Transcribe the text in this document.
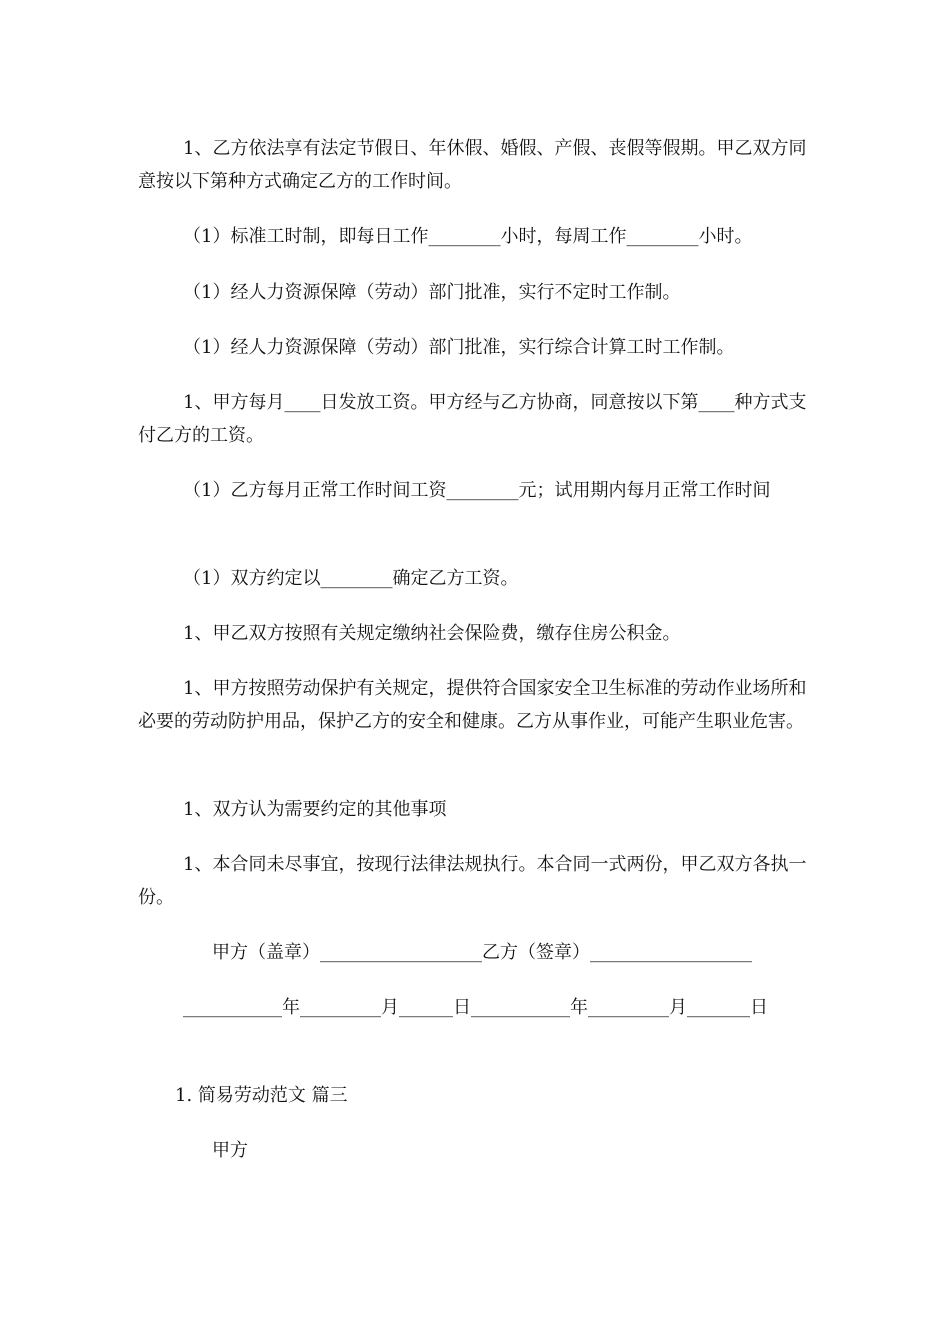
1、乙方依法享有法定节假日、年休假、婚假、产假、丧假等假期。甲乙双方同意按以下第种方式确定乙方的工作时间。

（1）标准工时制，即每日工作________小时，每周工作________小时。

（1）经人力资源保障（劳动）部门批准，实行不定时工作制。

（1）经人力资源保障（劳动）部门批准，实行综合计算工时工作制。

1、甲方每月____日发放工资。甲方经与乙方协商，同意按以下第____种方式支付乙方的工资。

（1）乙方每月正常工作时间工资________元；试用期内每月正常工作时间

（1）双方约定以________确定乙方工资。

1、甲乙双方按照有关规定缴纳社会保险费，缴存住房公积金。

1、甲方按照劳动保护有关规定，提供符合国家安全卫生标准的劳动作业场所和必要的劳动防护用品，保护乙方的安全和健康。乙方从事作业，可能产生职业危害。

1、双方认为需要约定的其他事项

1、本合同未尽事宜，按现行法律法规执行。本合同一式两份，甲乙双方各执一份。

甲方（盖章）__________________乙方（签章）__________________

___________年_________月______日___________年_________月_______日

1. 简易劳动范文 篇三

甲方
